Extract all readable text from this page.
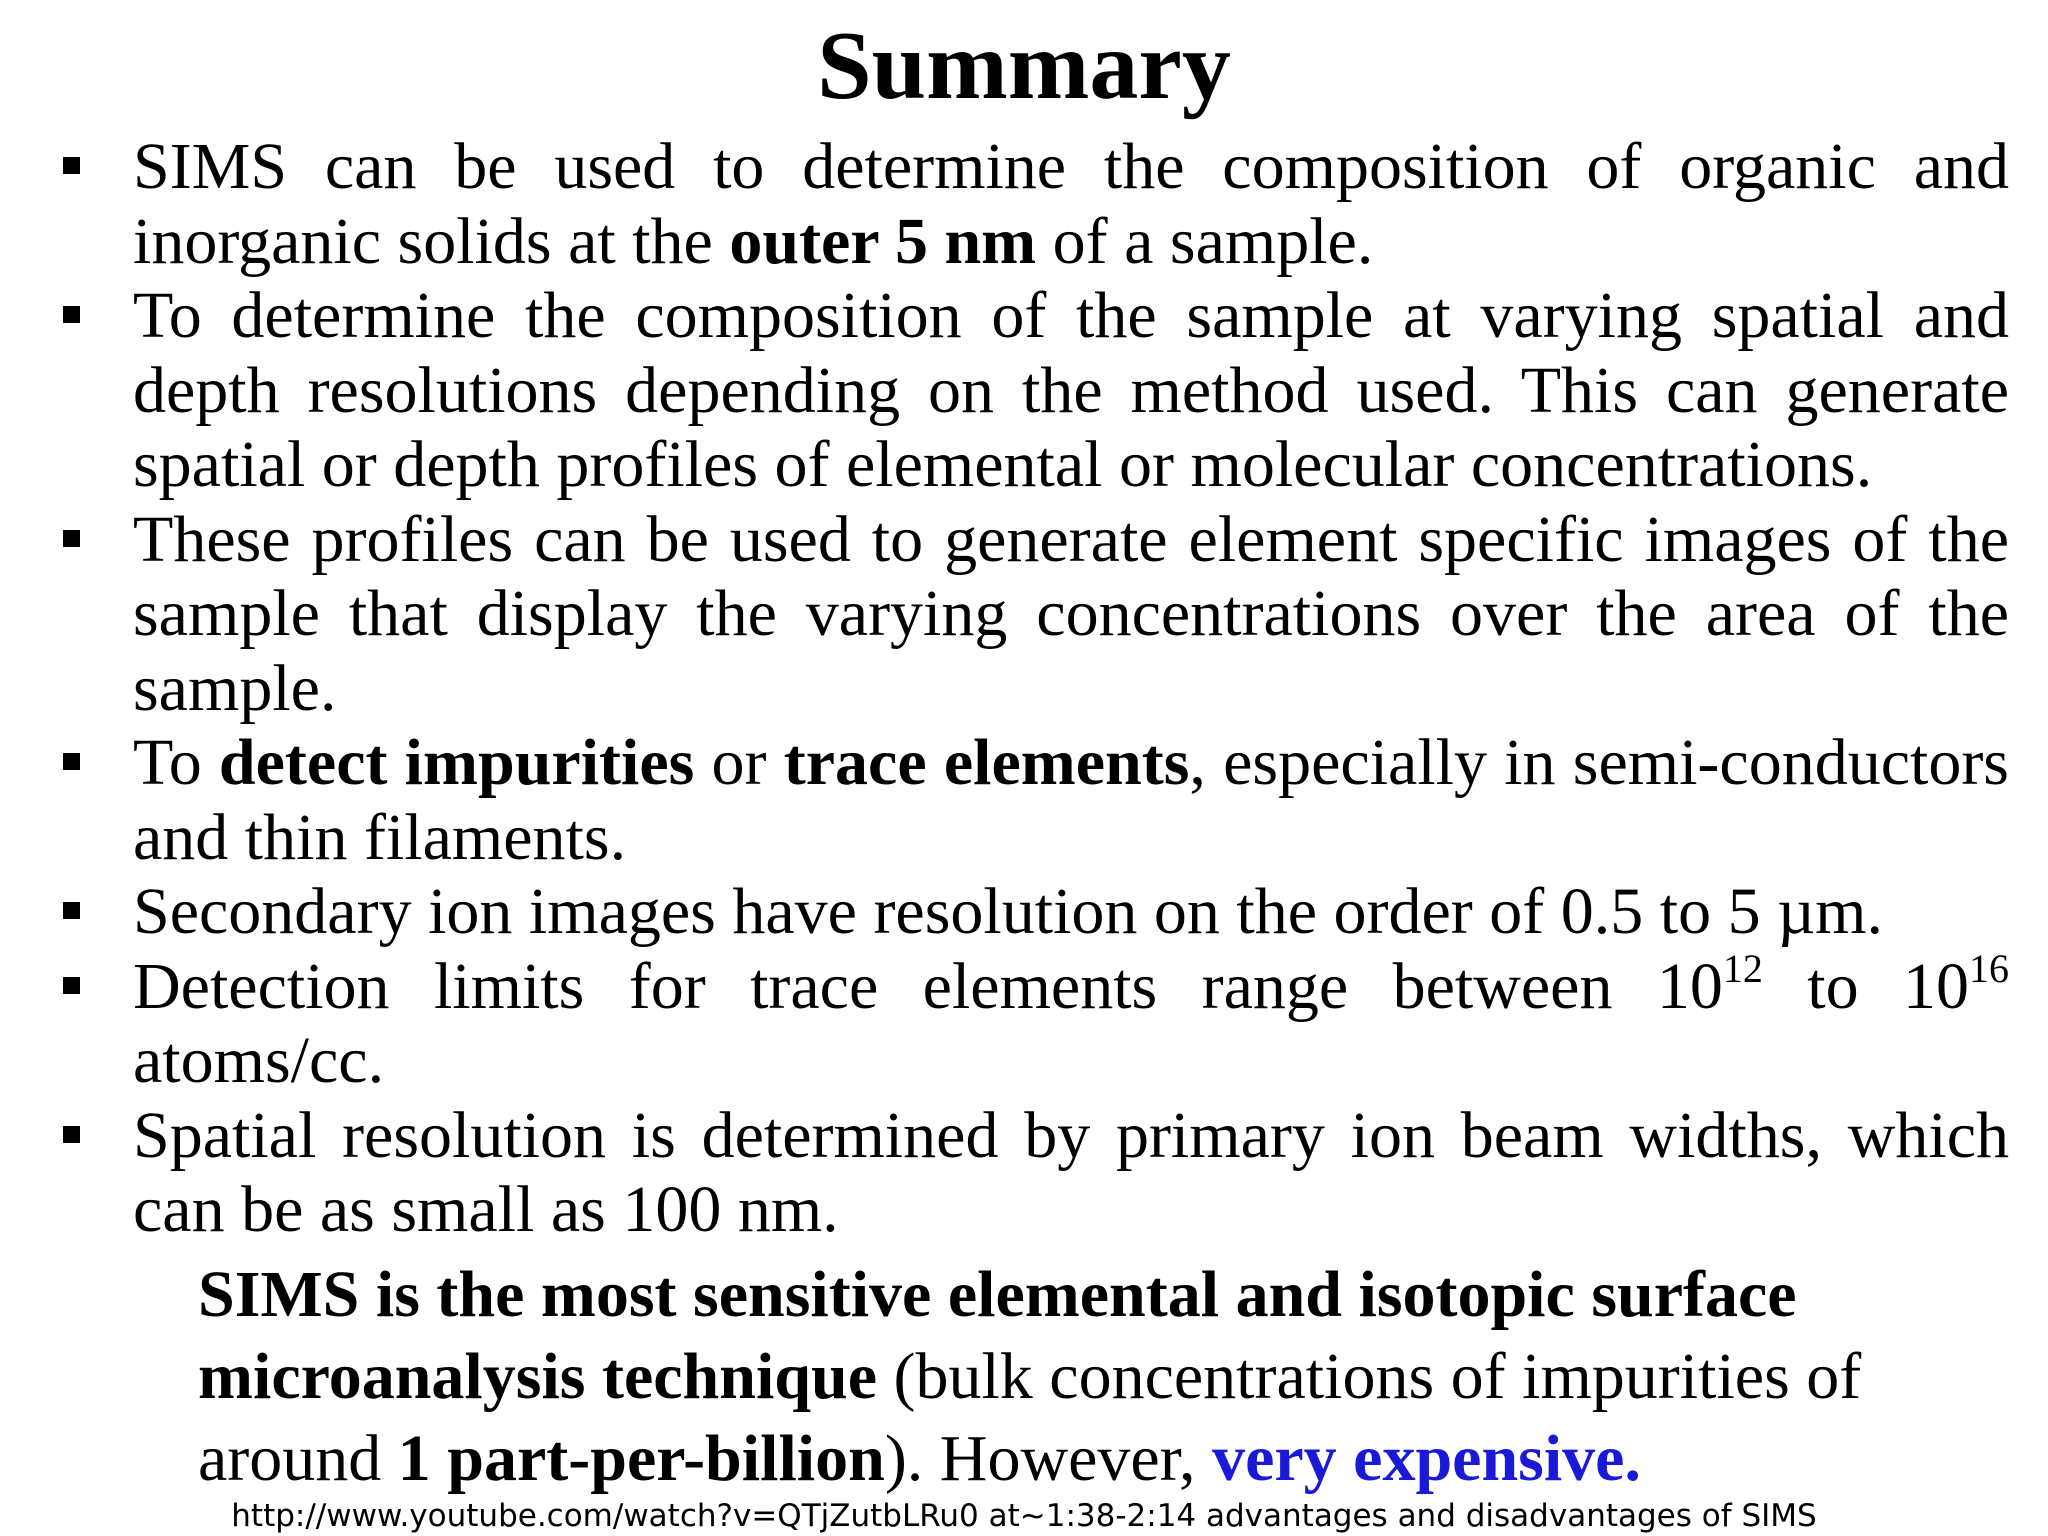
Summary
SIMS can be used to determine the composition of organic and inorganic solids at the outer 5 nm of a sample.
To determine the composition of the sample at varying spatial and depth resolutions depending on the method used. This can generate spatial or depth profiles of elemental or molecular concentrations.
These profiles can be used to generate element specific images of the sample that display the varying concentrations over the area of the sample.
To detect impurities or trace elements, especially in semi-conductors and thin filaments.
Secondary ion images have resolution on the order of 0.5 to 5 µm.
Detection limits for trace elements range between $10^{12}$ to $10^{16}$ atoms/cc.
Spatial resolution is determined by primary ion beam widths, which can be as small as 100 nm.

SIMS is the most sensitive elemental and isotopic surface microanalysis technique (bulk concentrations of impurities of around 1 part-per-billion). However, very expensive.

http://www.youtube.com/watch?v=QTjZutbLRu0 at~1:38-2:14 advantages and disadvantages of SIMS
